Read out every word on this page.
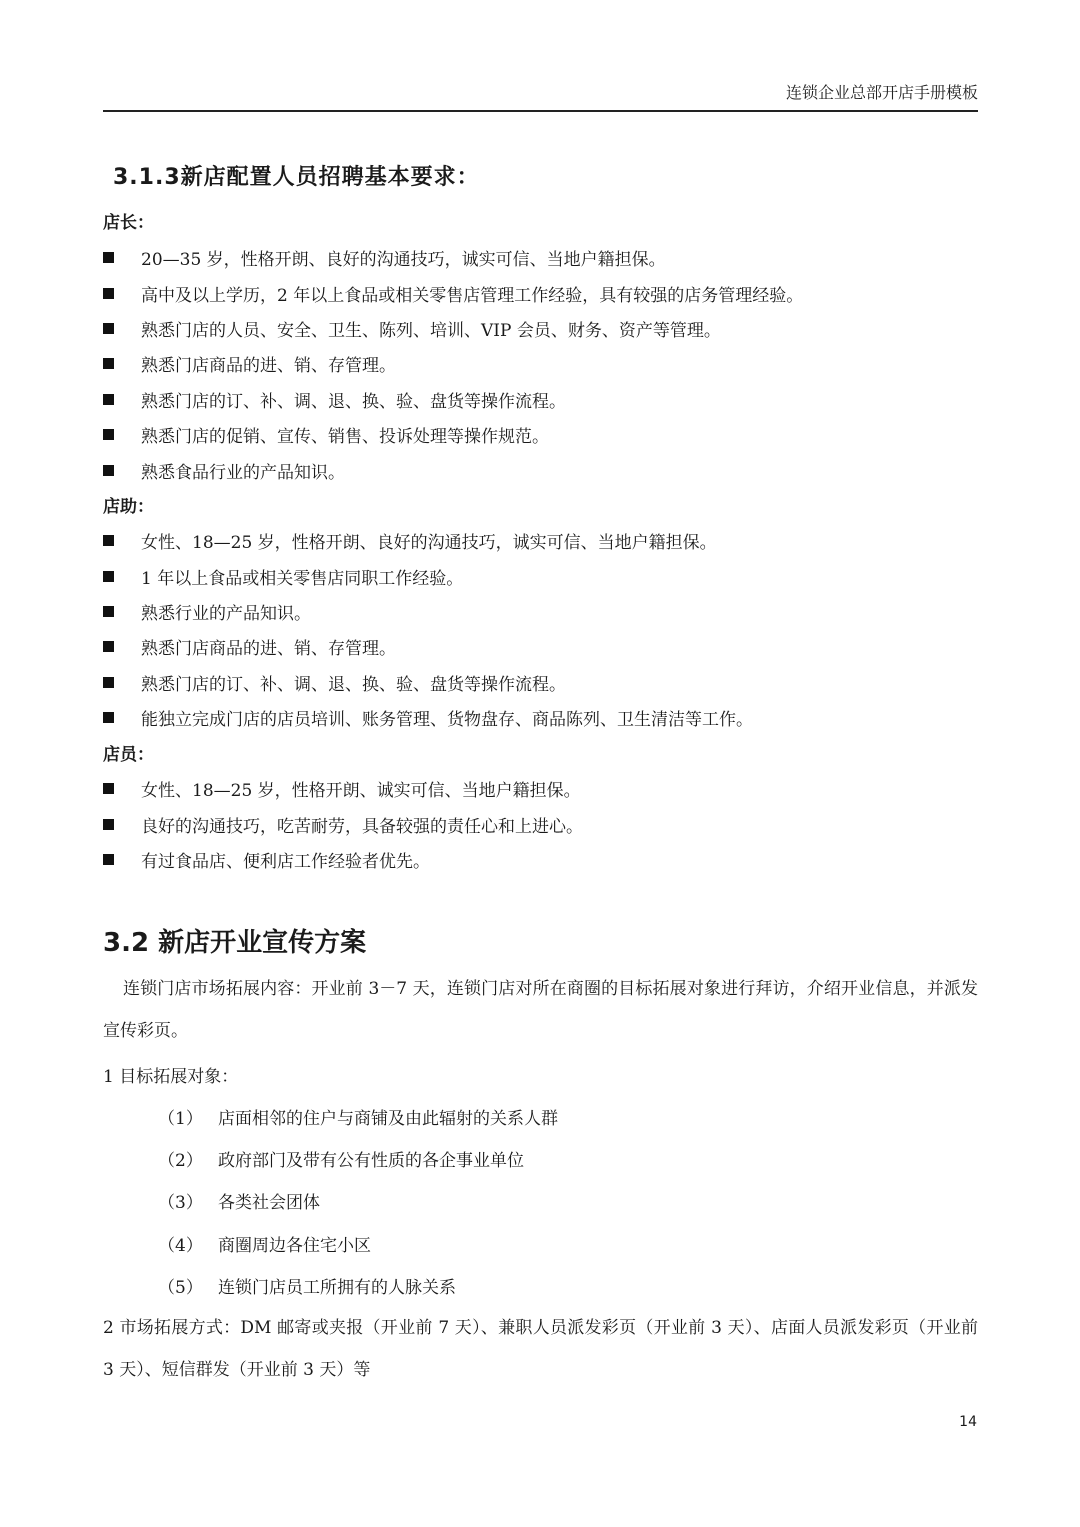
连锁企业总部开店手册模板
3.1.3新店配置人员招聘基本要求：

店长：

20—35 岁，性格开朗、良好的沟通技巧，诚实可信、当地户籍担保。
高中及以上学历，2 年以上食品或相关零售店管理工作经验，具有较强的店务管理经验。
熟悉门店的人员、安全、卫生、陈列、培训、VIP 会员、财务、资产等管理。
熟悉门店商品的进、销、存管理。
熟悉门店的订、补、调、退、换、验、盘货等操作流程。
熟悉门店的促销、宣传、销售、投诉处理等操作规范。
熟悉食品行业的产品知识。

店助：

女性、18—25 岁，性格开朗、良好的沟通技巧，诚实可信、当地户籍担保。
1 年以上食品或相关零售店同职工作经验。
熟悉行业的产品知识。
熟悉门店商品的进、销、存管理。
熟悉门店的订、补、调、退、换、验、盘货等操作流程。
能独立完成门店的店员培训、账务管理、货物盘存、商品陈列、卫生清洁等工作。

店员：

女性、18—25 岁，性格开朗、诚实可信、当地户籍担保。
良好的沟通技巧，吃苦耐劳，具备较强的责任心和上进心。
有过食品店、便利店工作经验者优先。
3.2 新店开业宣传方案

连锁门店市场拓展内容：开业前 3－7 天，连锁门店对所在商圈的目标拓展对象进行拜访，介绍开业信息，并派发宣传彩页。

1 目标拓展对象：

（1） 店面相邻的住户与商铺及由此辐射的关系人群
（2） 政府部门及带有公有性质的各企事业单位
（3） 各类社会团体
（4） 商圈周边各住宅小区
（5） 连锁门店员工所拥有的人脉关系

2 市场拓展方式：DM 邮寄或夹报（开业前 7 天）、兼职人员派发彩页（开业前 3 天）、店面人员派发彩页（开业前 3 天）、短信群发（开业前 3 天）等

14
